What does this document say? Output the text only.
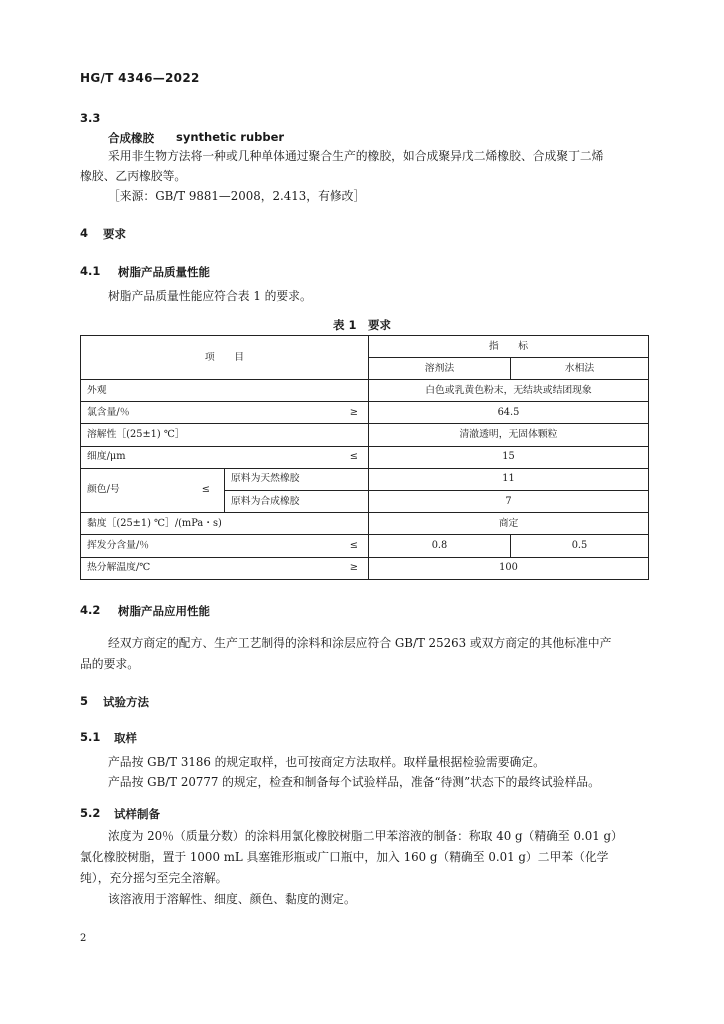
HG/T 4346—2022
3.3
合成橡胶 synthetic rubber
采用非生物方法将一种或几种单体通过聚合生产的橡胶，如合成聚异戊二烯橡胶、合成聚丁二烯
橡胶、乙丙橡胶等。
［来源：GB/T 9881—2008，2.413，有修改］
4 要求
4.1 树脂产品质量性能
树脂产品质量性能应符合表 1 的要求。
表 1　要求
项　　目		指　　标	
		溶剂法	水相法
外观		白色或乳黄色粉末，无结块或结团现象	
氯含量/％ ≥		64.5	
溶解性［(25±1) ℃］		清澈透明，无固体颗粒	
细度/μm ≤		15	
颜色/号 ≤	原料为天然橡胶	11	
	原料为合成橡胶	7	
黏度［(25±1) ℃］/(mPa・s)		商定	
挥发分含量/％ ≤		0.8	0.5
热分解温度/℃ ≥		100	
4.2 树脂产品应用性能
经双方商定的配方、生产工艺制得的涂料和涂层应符合 GB/T 25263 或双方商定的其他标准中产
品的要求。
5 试验方法
5.1 取样
产品按 GB/T 3186 的规定取样，也可按商定方法取样。取样量根据检验需要确定。
产品按 GB/T 20777 的规定，检查和制备每个试验样品，准备“待测”状态下的最终试验样品。
5.2 试样制备
浓度为 20％（质量分数）的涂料用氯化橡胶树脂二甲苯溶液的制备：称取 40 g（精确至 0.01 g）
氯化橡胶树脂，置于 1000 mL 具塞锥形瓶或广口瓶中，加入 160 g（精确至 0.01 g）二甲苯（化学
纯），充分摇匀至完全溶解。
该溶液用于溶解性、细度、颜色、黏度的测定。
2
